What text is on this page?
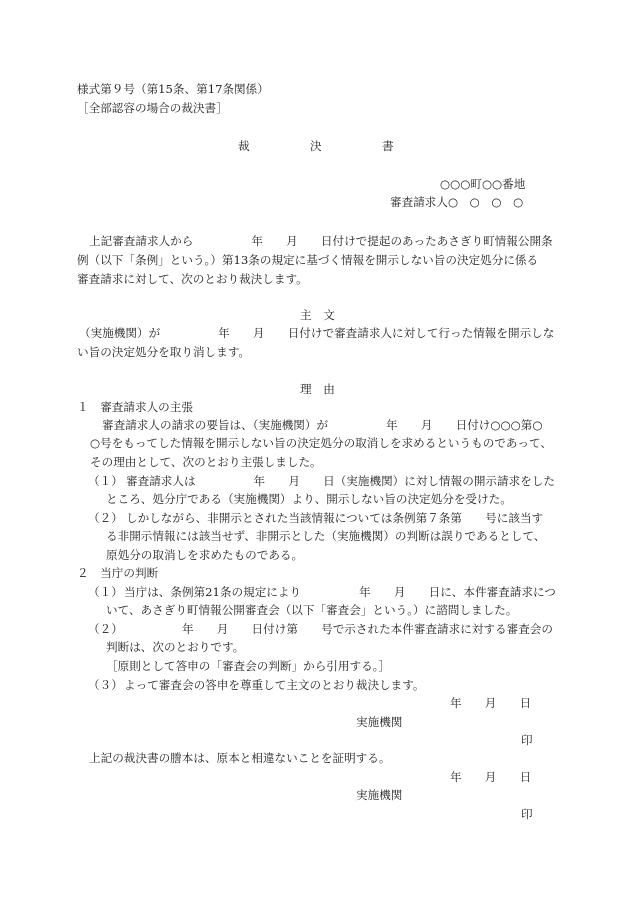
様式第９号（第15条、第17条関係）
［全部認容の場合の裁決書］
裁	決	書
○○○町○○番地
審査請求人○　○　○　○
上記審査請求人から　　　　　年　　月　　日付けで提起のあったあさぎり町情報公開条
例（以下「条例」という。）第13条の規定に基づく情報を開示しない旨の決定処分に係る
審査請求に対して、次のとおり裁決します。
主　文
（実施機関）が　　　　　年　　月　　日付けで審査請求人に対して行った情報を開示しな
い旨の決定処分を取り消します。
理　由
１　審査請求人の主張
審査請求人の請求の要旨は、（実施機関）が　　　　　年　　月　　日付け○○○第○
○号をもってした情報を開示しない旨の決定処分の取消しを求めるというものであって、
その理由として、次のとおり主張しました。
（１） 審査請求人は　　　　　年　　月　　日（実施機関）に対し情報の開示請求をした
ところ、処分庁である（実施機関）より、開示しない旨の決定処分を受けた。
（２） しかしながら、非開示とされた当該情報については条例第７条第　　号に該当す
る非開示情報には該当せず、非開示とした（実施機関）の判断は誤りであるとして、
原処分の取消しを求めたものである。
２　当庁の判断
（１） 当庁は、条例第21条の規定により　　　　　年　　月　　日に、本件審査請求につ
いて、あさぎり町情報公開審査会（以下「審査会」という。）に諮問しました。
（２） 　　　　　年　　月　　日付け第　　号で示された本件審査請求に対する審査会の
判断は、次のとおりです。
［原則として答申の「審査会の判断」から引用する。］
（３） よって審査会の答申を尊重して主文のとおり裁決します。
年　　月　　日
実施機関
印
上記の裁決書の謄本は、原本と相違ないことを証明する。
年　　月　　日
実施機関
印
